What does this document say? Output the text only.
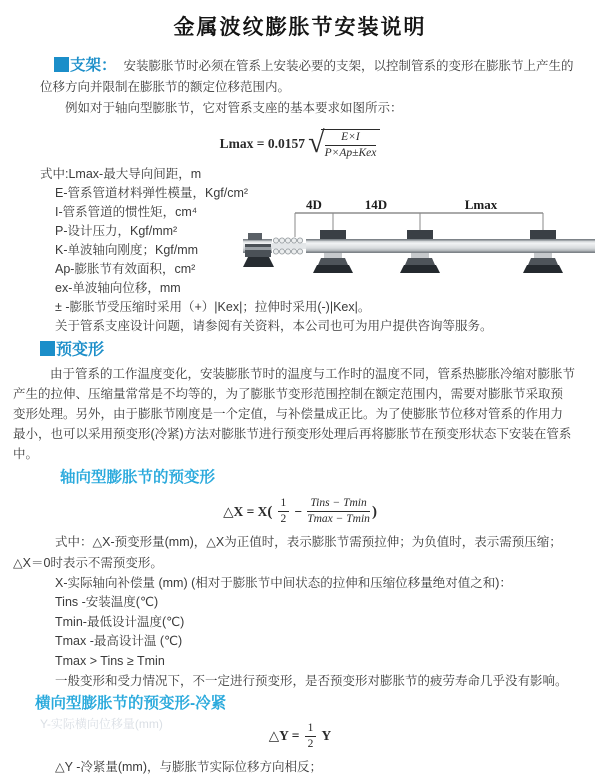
金属波纹膨胀节安装说明

支架： 安装膨胀节时必须在管系上安装必要的支架，以控制管系的变形在膨胀节上产生的位移方向并限制在膨胀节的额定位移范围内。

例如对于轴向型膨胀节，它对管系支座的基本要求如图所示：

Lmax = 0.0157 √	E×I
P×Ap±Kex
式中:Lmax-最大导向间距，m
E-管系管道材料弹性模量，Kgf/cm²
I-管系管道的惯性矩，cm⁴
P-设计压力，Kgf/mm²
K-单波轴向刚度；Kgf/mm
Ap-膨胀节有效面积，cm²
ex-单波轴向位移，mm
± -膨胀节受压缩时采用（+）|Kex|；拉伸时采用(-)|Kex|。
关于管系支座设计问题，请参阅有关资料，本公司也可为用户提供咨询等服务。
4D	14D	Lmax
预变形

由于管系的工作温度变化，安装膨胀节时的温度与工作时的温度不同，管系热膨胀冷缩对膨胀节产生的拉伸、压缩量常常是不均等的，为了膨胀节变形范围控制在额定范围内，需要对膨胀节采取预变形处理。另外，由于膨胀节刚度是一个定值，与补偿量成正比。为了使膨胀节位移对管系的作用力最小，也可以采用预变形(冷紧)方法对膨胀节进行预变形处理后再将膨胀节在预变形状态下安装在管系中。

轴向型膨胀节的预变形
△X = $X( \frac{1}{2} - \frac{\text{Tins − Tmin}}{Tmax - Tmin}$ )

式中：△X-预变形量(mm)，△X为正值时，表示膨胀节需预拉伸；为负值时，表示需预压缩；△X＝0时表示不需预变形。

X-实际轴向补偿量 (mm) (相对于膨胀节中间状态的拉伸和压缩位移量绝对值之和)：
Tins -安装温度(℃)
Tmin-最低设计温度(℃)
Tmax -最高设计温 (℃)
Tmax > Tins ≥ Tmin

一般变形和受力情况下，不一定进行预变形，是否预变形对膨胀节的疲劳寿命几乎没有影响。

横向型膨胀节的预变形-冷紧
△Y = $\frac{1}{2}$ Y
△Y -冷紧量(mm)，与膨胀节实际位移方向相反；
Y-实际横向位移量(mm)
